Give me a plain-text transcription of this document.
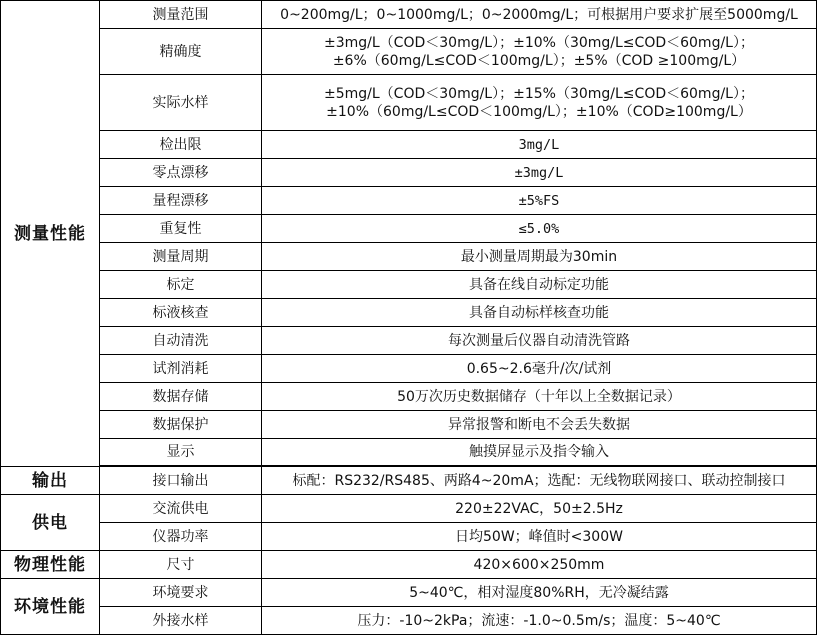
测量性能	测量范围	0~200mg/L；0~1000mg/L；0~2000mg/L；可根据用户要求扩展至5000mg/L
	精确度	±3mg/L（COD＜30mg/L）；±10%（30mg/L≤COD＜60mg/L）；
±6%（60mg/L≤COD＜100mg/L）；±5%（COD ≥100mg/L）

	实际水样	±5mg/L（COD＜30mg/L）；±15%（30mg/L≤COD＜60mg/L）；
±10%（60mg/L≤COD＜100mg/L）；±10%（COD≥100mg/L）

	检出限	3mg/L
	零点漂移	±3mg/L
	量程漂移	±5%FS
	重复性	≤5.0%
	测量周期	最小测量周期最为30min
	标定	具备在线自动标定功能
	标液核查	具备自动标样核查功能
	自动清洗	每次测量后仪器自动清洗管路
	试剂消耗	0.65~2.6毫升/次/试剂
	数据存储	50万次历史数据储存（十年以上全数据记录）
	数据保护	异常报警和断电不会丢失数据
	显示	触摸屏显示及指令输入

输出	接口输出	标配：RS232/RS485、两路4~20mA；选配：无线物联网接口、联动控制接口
供电	交流供电	220±22VAC，50±2.5Hz
	仪器功率	日均50W；峰值时<300W
物理性能	尺寸	420×600×250mm
环境性能	环境要求	5~40℃，相对湿度80%RH，无冷凝结露
	外接水样	压力：-10~2kPa；流速：-1.0~0.5m/s；温度：5~40℃
